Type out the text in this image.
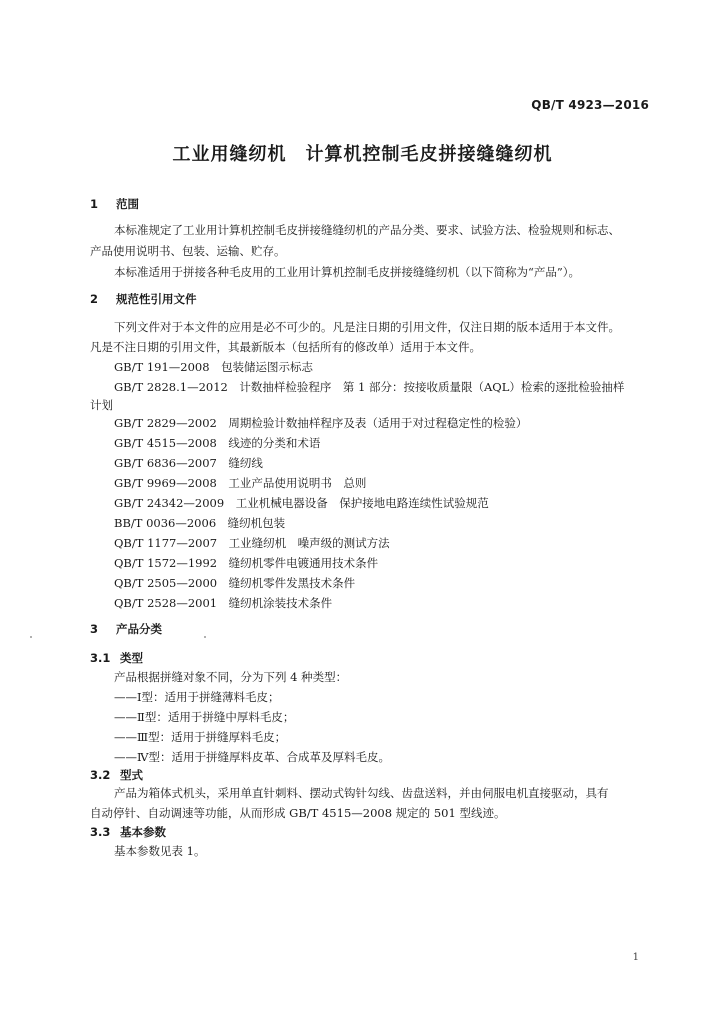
QB/T 4923—2016
工业用缝纫机　计算机控制毛皮拼接缝缝纫机
1 范围
本标准规定了工业用计算机控制毛皮拼接缝缝纫机的产品分类、要求、试验方法、检验规则和标志、
产品使用说明书、包装、运输、贮存。
本标准适用于拼接各种毛皮用的工业用计算机控制毛皮拼接缝缝纫机（以下简称为“产品”）。
2 规范性引用文件
下列文件对于本文件的应用是必不可少的。凡是注日期的引用文件，仅注日期的版本适用于本文件。
凡是不注日期的引用文件，其最新版本（包括所有的修改单）适用于本文件。
GB/T 191—2008　 包装储运图示标志
GB/T 2828.1—2012　 计数抽样检验程序　第 1 部分：按接收质量限（AQL）检索的逐批检验抽样
计划
GB/T 2829—2002　 周期检验计数抽样程序及表（适用于对过程稳定性的检验）
GB/T 4515—2008　 线迹的分类和术语
GB/T 6836—2007　 缝纫线
GB/T 9969—2008　 工业产品使用说明书　总则
GB/T 24342—2009　 工业机械电器设备　保护接地电路连续性试验规范
BB/T 0036—2006　 缝纫机包装
QB/T 1177—2007　 工业缝纫机　噪声级的测试方法
QB/T 1572—1992　 缝纫机零件电镀通用技术条件
QB/T 2505—2000　 缝纫机零件发黑技术条件
QB/T 2528—2001　 缝纫机涂装技术条件
3 产品分类
3.1 类型
产品根据拼缝对象不同，分为下列 4 种类型：
——Ⅰ型：适用于拼缝薄料毛皮；
——Ⅱ型：适用于拼缝中厚料毛皮；
——Ⅲ型：适用于拼缝厚料毛皮；
——Ⅳ型：适用于拼缝厚料皮革、合成革及厚料毛皮。
3.2 型式
产品为箱体式机头，采用单直针刺料、摆动式钩针勾线、齿盘送料，并由伺服电机直接驱动，具有
自动停针、自动调速等功能，从而形成 GB/T 4515—2008 规定的 501 型线迹。
3.3 基本参数
基本参数见表 1。
1
